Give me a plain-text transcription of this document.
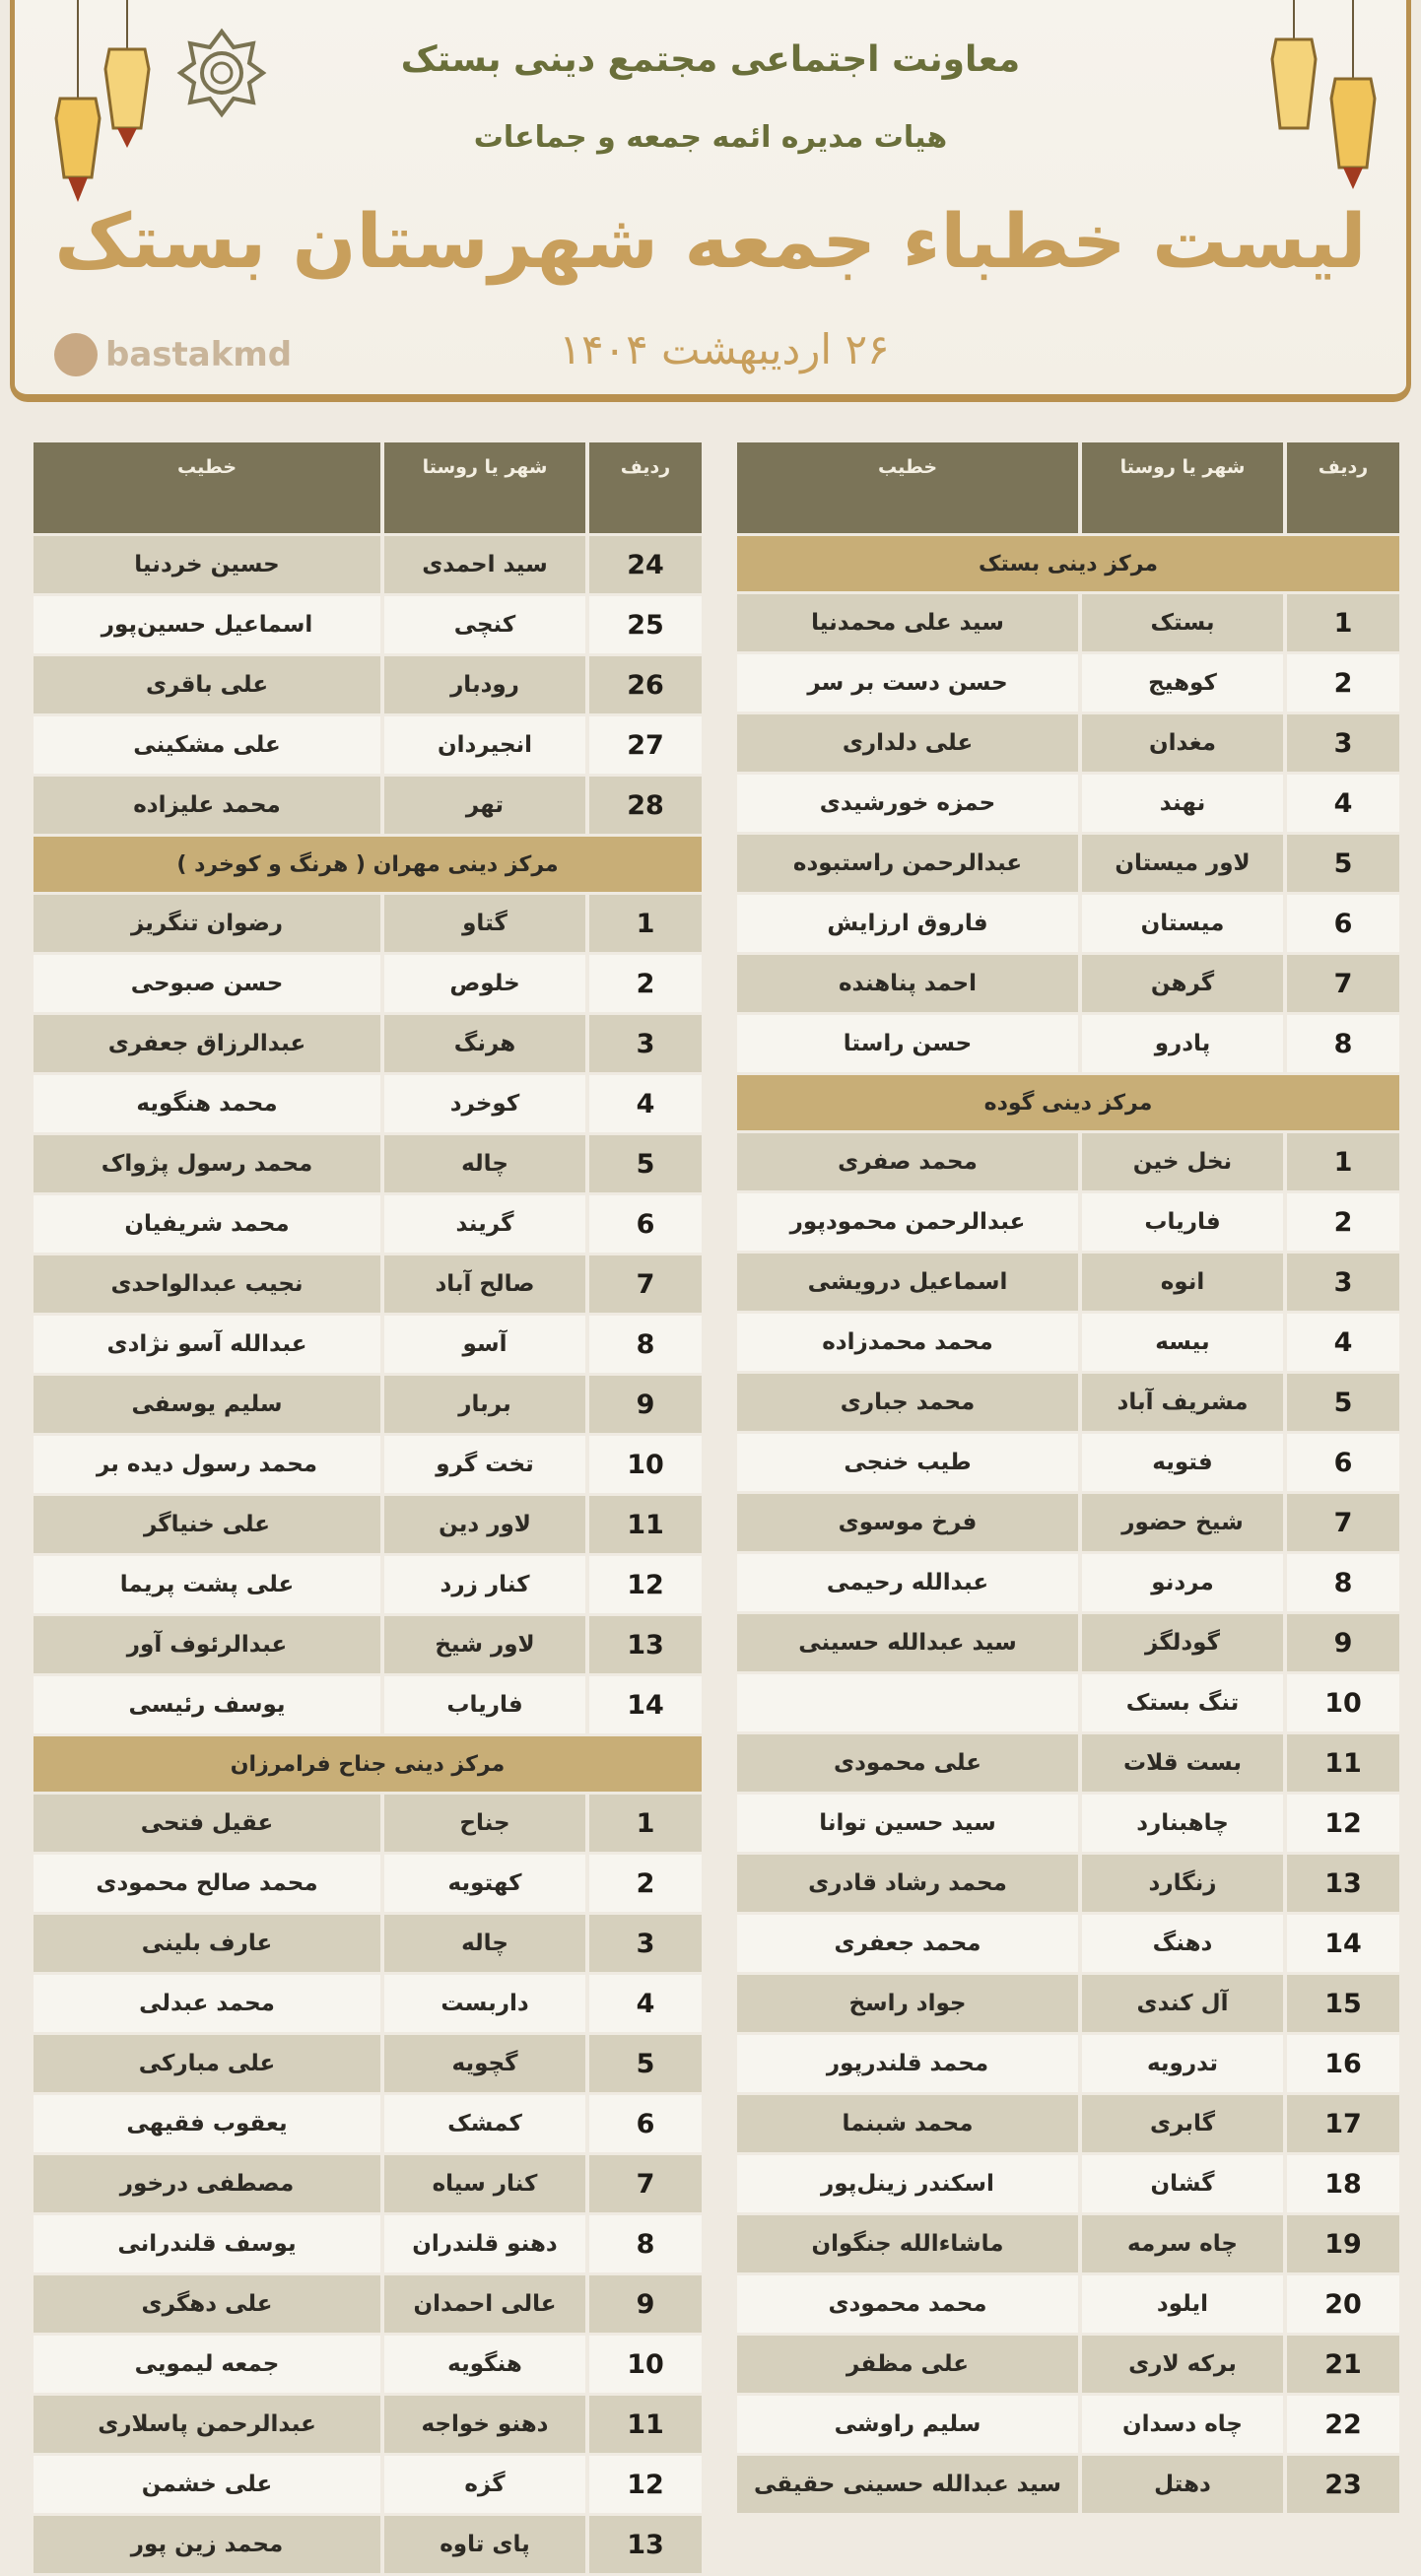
معاونت اجتماعی مجتمع دینی بستک
هیات مدیره ائمه جمعه و جماعات
لیست خطباء جمعه شهرستان بستک
۲۶ اردیبهشت ۱۴۰۴
bastakmd
ردیف	شهر یا روستا	خطیب
مرکز دینی بستک		
1	بستک	سید علی محمدنیا
2	کوهیج	حسن دست بر سر
3	مغدان	علی دلداری
4	نهند	حمزه خورشیدی
5	لاور میستان	عبدالرحمن راستبوده
6	میستان	فاروق ارزایش
7	گرهن	احمد پناهنده
8	پادرو	حسن راستا
مرکز دینی گوده		
1	نخل خین	محمد صفری
2	فاریاب	عبدالرحمن محمودپور
3	انوه	اسماعیل درویشی
4	بیسه	محمد محمدزاده
5	مشریف آباد	محمد جباری
6	فتویه	طیب خنجی
7	شیخ حضور	فرخ موسوی
8	مردنو	عبدالله رحیمی
9	گودلگز	سید عبدالله حسینی
10	تنگ بستک	
11	بست قلات	علی محمودی
12	چاهبنارد	سید حسین توانا
13	زنگارد	محمد رشاد قادری
14	دهنگ	محمد جعفری
15	آل کندی	جواد راسخ
16	تدرویه	محمد قلندرپور
17	گابری	محمد شبنما
18	گشان	اسکندر زینل‌پور
19	چاه سرمه	ماشاءالله جنگوان
20	ایلود	محمد محمودی
21	برکه لاری	علی مظفر
22	چاه دسدان	سلیم راوشی
23	دهتل	سید عبدالله حسینی حقیقی
ردیف	شهر یا روستا	خطیب
24	سید احمدی	حسین خردنیا
25	کنچی	اسماعیل حسین‌پور
26	رودبار	علی باقری
27	انجیردان	علی مشکینی
28	تهر	محمد علیزاده
مرکز دینی مهران ( هرنگ و کوخرد )		
1	گتاو	رضوان تنگریز
2	خلوص	حسن صبوحی
3	هرنگ	عبدالرزاق جعفری
4	کوخرد	محمد هنگویه
5	چاله	محمد رسول پژواک
6	گریند	محمد شریفیان
7	صالح آباد	نجیب عبدالواحدی
8	آسو	عبدالله آسو نژادی
9	بربار	سلیم یوسفی
10	تخت گرو	محمد رسول دیده بر
11	لاور دین	علی خنیاگر
12	کنار زرد	علی پشت پریما
13	لاور شیخ	عبدالرئوف آور
14	فاریاب	یوسف رئیسی
مرکز دینی جناح فرامرزان		
1	جناح	عقیل فتحی
2	کهتویه	محمد صالح محمودی
3	چاله	عارف بلینی
4	داربست	محمد عبدلی
5	گچویه	علی مبارکی
6	کمشک	یعقوب فقیهی
7	کنار سیاه	مصطفی درخور
8	دهنو قلندران	یوسف قلندرانی
9	عالی احمدان	علی دهگری
10	هنگویه	جمعه لیمویی
11	دهنو خواجه	عبدالرحمن پاسلاری
12	گزه	علی خشمن
13	پای تاوه	محمد زین پور
